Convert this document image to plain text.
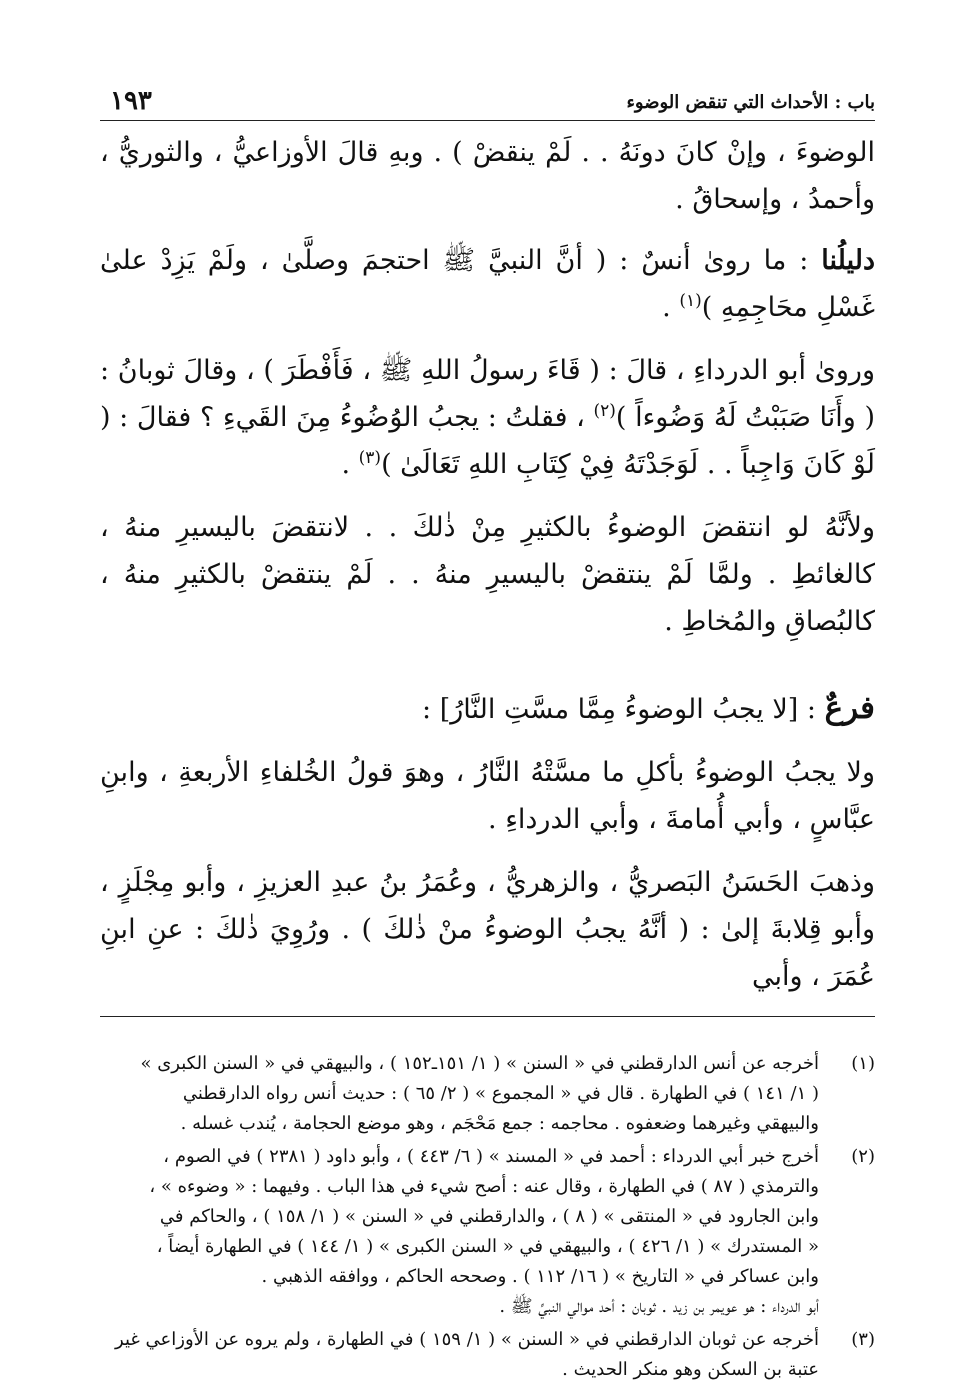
باب : الأحداث التي تنقض الوضوء
١٩٣

الوضوءَ ، وإنْ كانَ دونَهُ . . لَمْ ينقضْ ) . وبهِ قالَ الأوزاعيُّ ، والثوريُّ ، وأحمدُ ، وإسحاقُ .

دليلُنا : ما روىٰ أنسٌ : ( أنَّ النبيَّ ﷺ احتجمَ وصلَّىٰ ، ولَمْ يَزِدْ علىٰ غَسْلِ محَاجِمِهِ )$^{(١)}$ .

وروىٰ أبو الدرداءِ ، قالَ : ( قَاءَ رسولُ اللهِ ﷺ ، فَأَفْطَرَ ) ، وقالَ ثوبانُ : ( وأَنَا صَبَبْتُ لَهُ وَضُوءاً )$^{(٢)}$ ، فقلتُ : يجبُ الوُضُوءُ مِنَ القَيءِ ؟ فقالَ : ( لَوْ كَانَ وَاجِباً . . لَوَجَدْتَهُ فِيْ كِتَابِ اللهِ تَعَالَىٰ )$^{(٣)}$ .

ولأنَّهُ لو انتقضَ الوضوءُ بالكثيرِ مِنْ ذٰلكَ . . لانتقضَ باليسيرِ منهُ ، كالغائطِ . ولمَّا لَمْ ينتقضْ باليسيرِ منهُ . . لَمْ ينتقضْ بالكثيرِ منهُ ، كالبُصاقِ والمُخاطِ .

فرعٌ : [لا يجبُ الوضوءُ مِمَّا مسَّتِ النَّارُ] :

ولا يجبُ الوضوءُ بأكلِ ما مسَّتْهُ النَّارُ ، وهوَ قولُ الخُلفاءِ الأربعةِ ، وابنِ عبَّاسٍ ، وأبي أُمامةَ ، وأبي الدرداءِ .

وذهبَ الحَسَنُ البَصريُّ ، والزهريُّ ، وعُمَرُ بنُ عبدِ العزيزِ ، وأبو مِجْلَزٍ ، وأبو قِلابةَ إلىٰ : ( أنَّهُ يجبُ الوضوءُ منْ ذٰلكَ ) . ورُوِيَ ذٰلكَ : عنِ ابنِ عُمَرَ ، وأبي

(١)
أخرجه عن أنس الدارقطني في « السنن » ( ١/ ١٥١ـ١٥٢ ) ، والبيهقي في « السنن الكبرى »
( ١/ ١٤١ ) في الطهارة . قال في « المجموع » ( ٢/ ٦٥ ) : حديث أنس رواه الدارقطني
والبيهقي وغيرهما وضعفوه . محاجمه : جمع مَحْجَم ، وهو موضع الحجامة ، يُندب غسله .
(٢)
أخرج خبر أبي الدرداء : أحمد في « المسند » ( ٦/ ٤٤٣ ) ، وأبو داود ( ٢٣٨١ ) في الصوم ،
والترمذي ( ٨٧ ) في الطهارة ، وقال عنه : أصح شيء في هذا الباب . وفيهما : « وضوءه » ،
وابن الجارود في « المنتقى » ( ٨ ) ، والدارقطني في « السنن » ( ١/ ١٥٨ ) ، والحاكم في
« المستدرك » ( ١/ ٤٢٦ ) ، والبيهقي في « السنن الكبرى » ( ١/ ١٤٤ ) في الطهارة أيضاً ،
وابن عساكر في « التاريخ » ( ١٦/ ١١٢ ) . وصححه الحاكم ، ووافقه الذهبي .
أبو الدرداء : هو عويمر بن زيد . ثوبان : أحد موالي النبيِّ ﷺ .
(٣)
أخرجه عن ثوبان الدارقطني في « السنن » ( ١/ ١٥٩ ) في الطهارة ، ولم يروه عن الأوزاعي غير
عتبة بن السكن وهو منكر الحديث .
